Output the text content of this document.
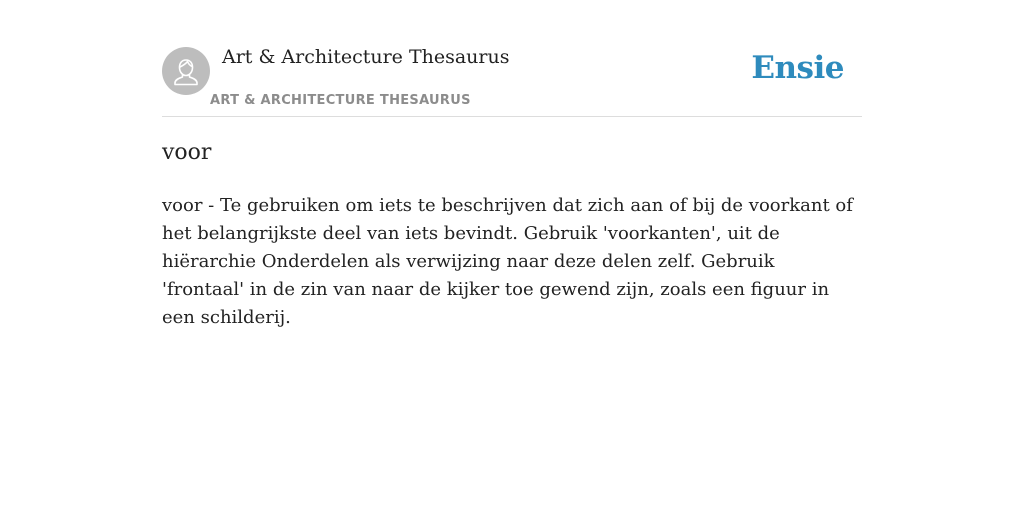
Art & Architecture Thesaurus
ART & ARCHITECTURE THESAURUS
Ensie
voor

voor - Te gebruiken om iets te beschrijven dat zich aan of bij de voorkant of het belangrijkste deel van iets bevindt. Gebruik 'voorkanten', uit de hiërarchie Onderdelen als verwijzing naar deze delen zelf. Gebruik 'frontaal' in de zin van naar de kijker toe gewend zijn, zoals een figuur in een schilderij.
